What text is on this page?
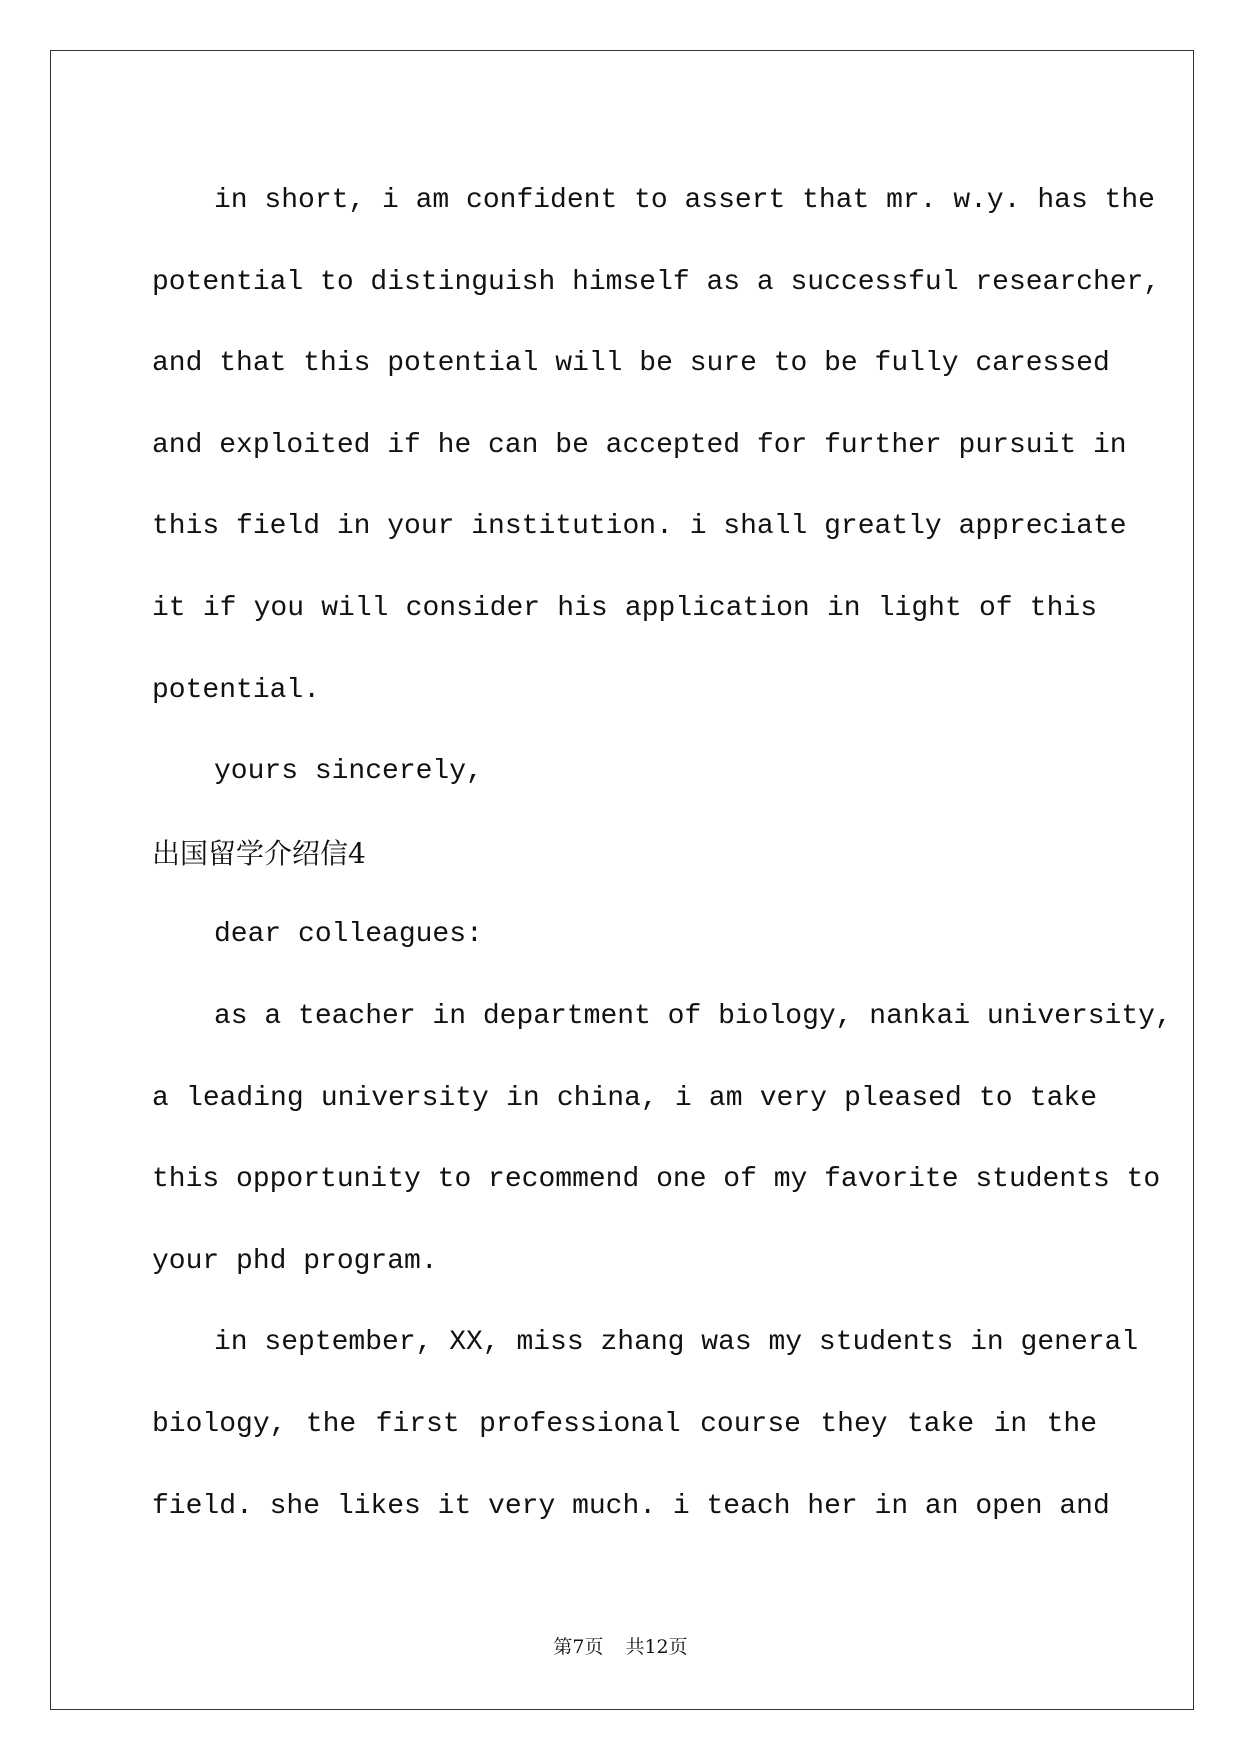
in short, i am confident to assert that mr. w.y. has the
potential to distinguish himself as a successful researcher,
and that this potential will be sure to be fully caressed
and exploited if he can be accepted for further pursuit in
this field in your institution. i shall greatly appreciate
it if you will consider his application in light of this
potential.
yours sincerely,
出国留学介绍信4
dear colleagues:
as a teacher in department of biology, nankai university,
a leading university in china, i am very pleased to take
this opportunity to recommend one of my favorite students to
your phd program.
in september, XX, miss zhang was my students in general
biology, the first professional course they take in the
field. she likes it very much. i teach her in an open and
第7页 共12页
